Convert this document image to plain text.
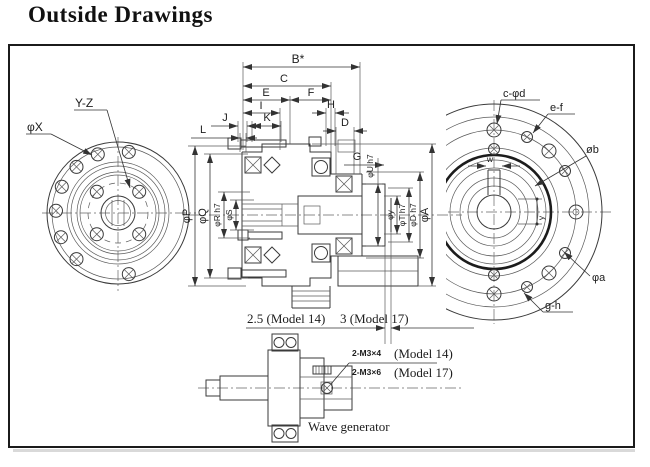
Outside Drawings
Y-Z
φX
B*
C
E	F
I	H
J	K
L
D
G
φP φQ φR h7 φS
φU h7
φy φT h7 φD h7 φA
2.5 (Model 14) 3 (Model 17)
w
y
c-φd
e-f
øb
φa
g-h
2-M3×4 (Model 14)
2-M3×6 (Model 17)
Wave generator
